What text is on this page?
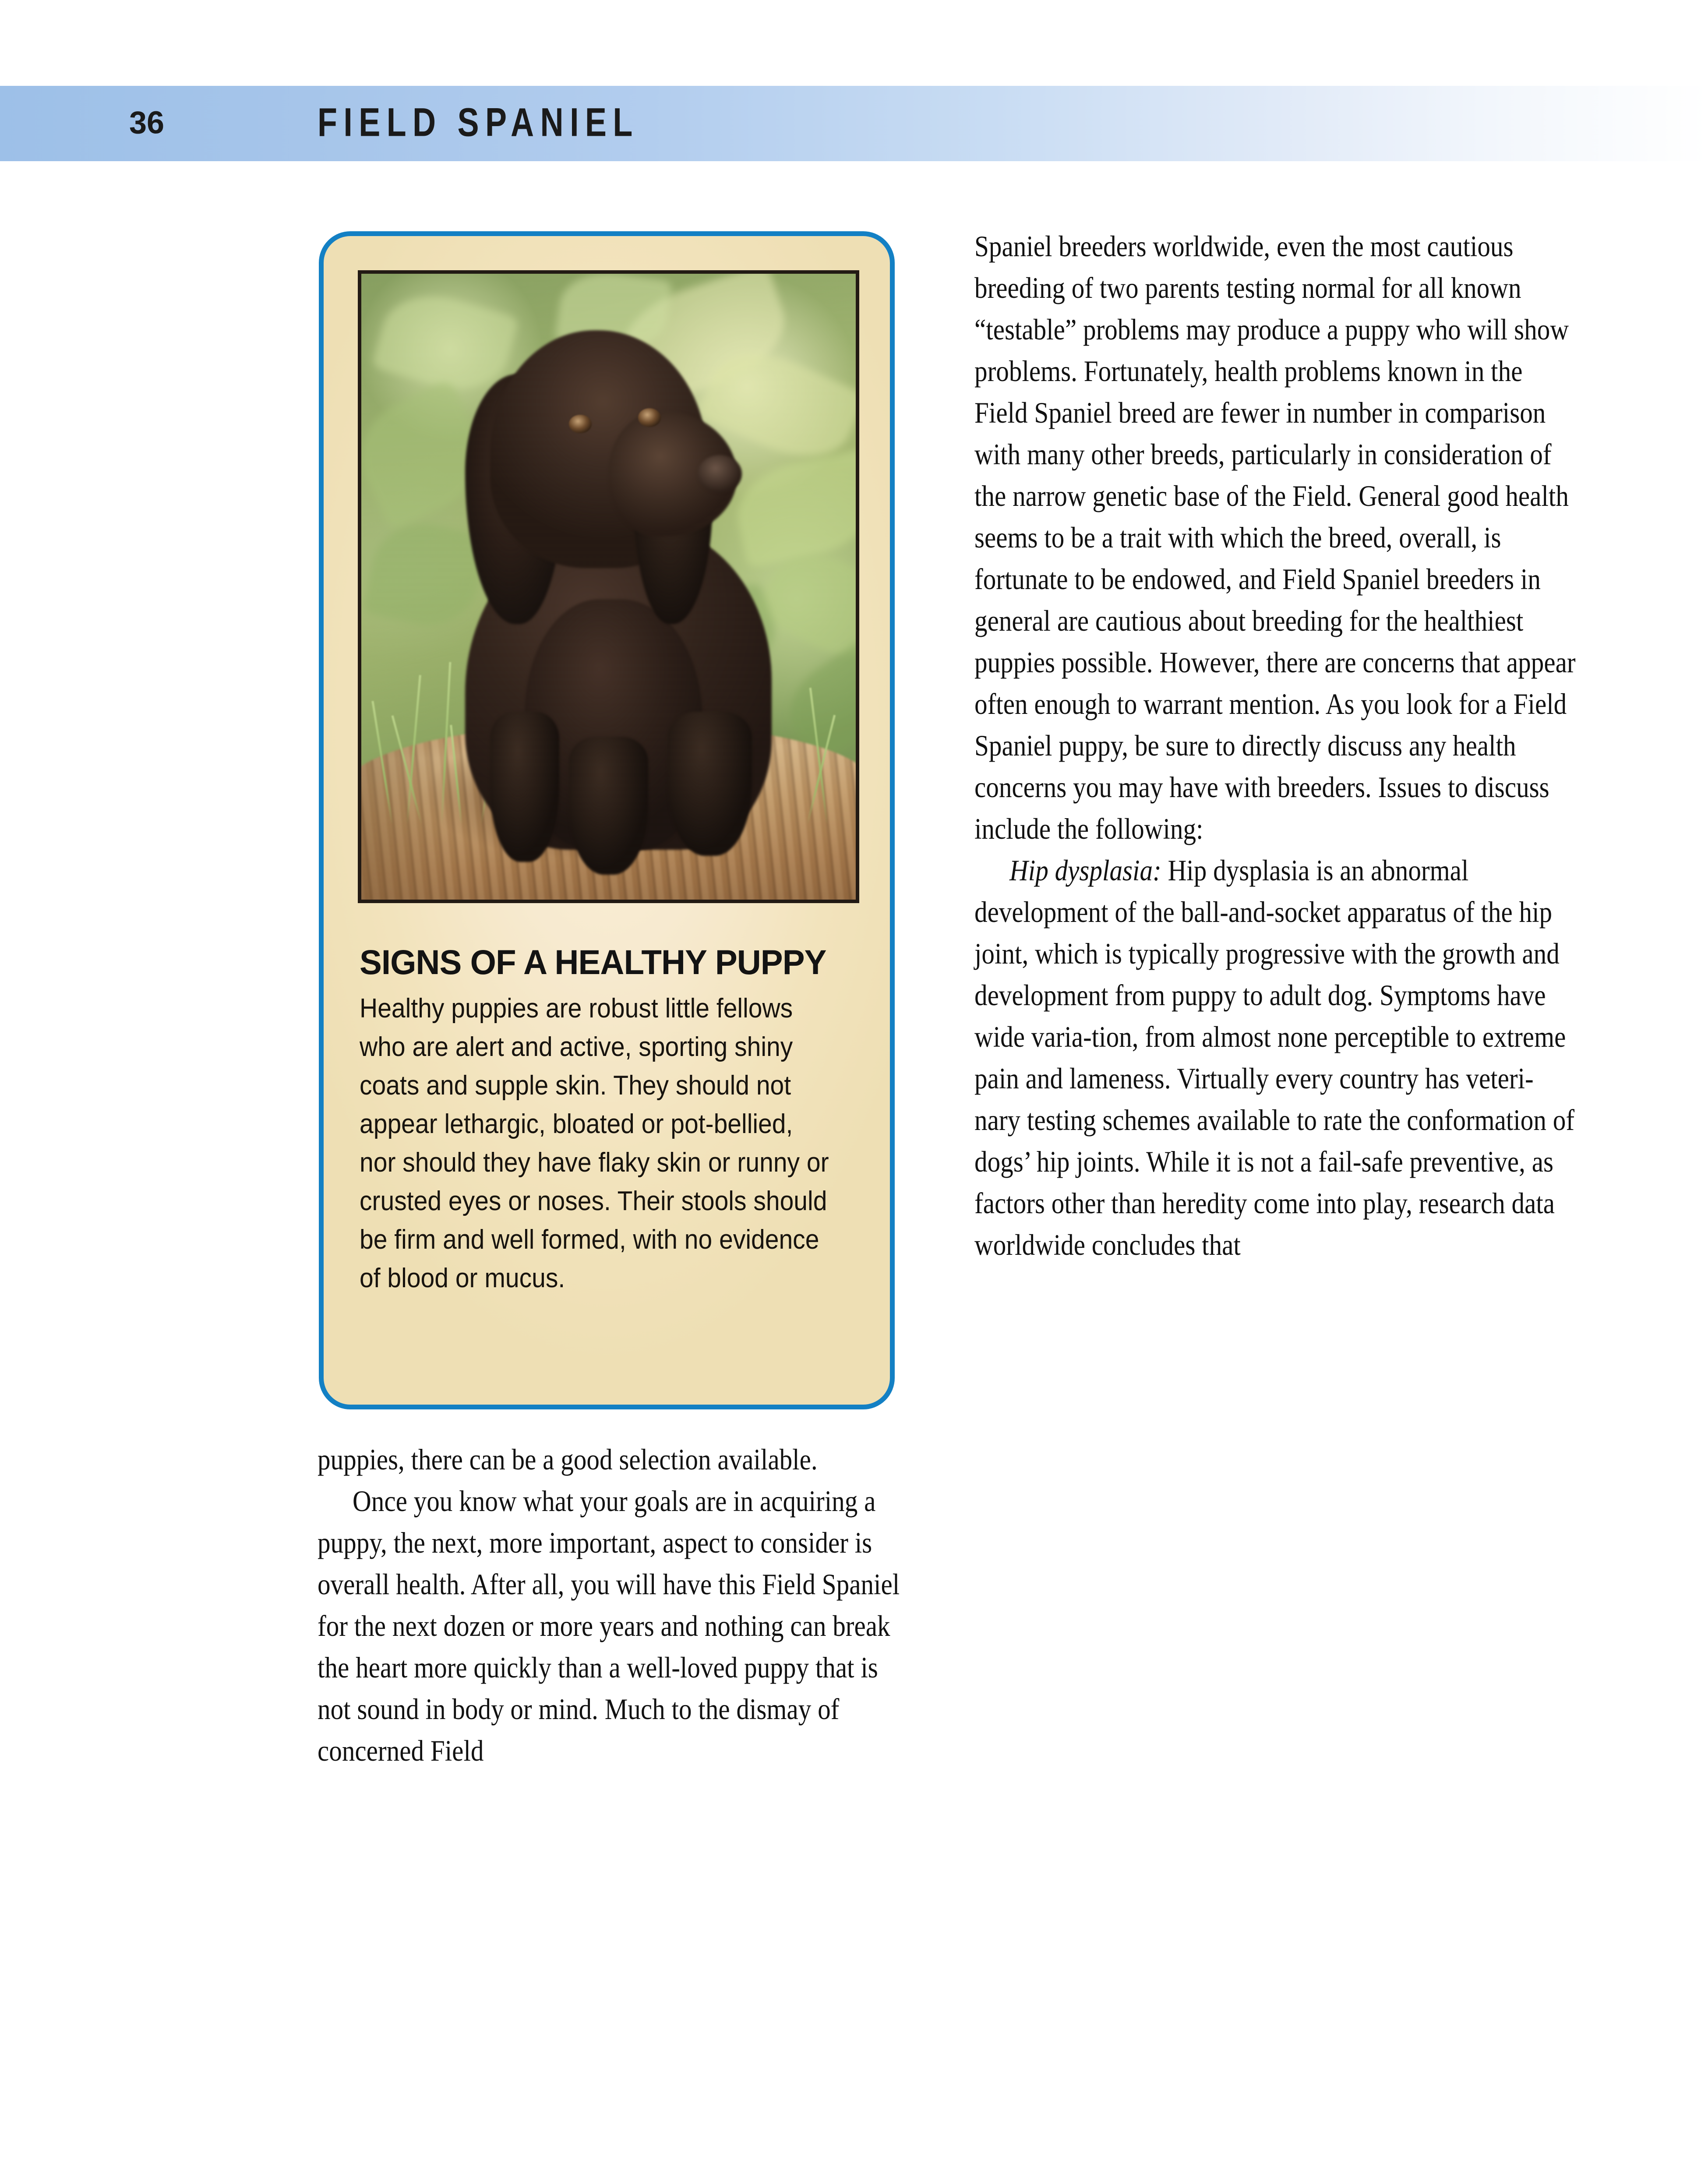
36	FIELD SPANIEL
SIGNS OF A HEALTHY PUPPY
Healthy puppies are robust little fellows who are alert and active, sporting shiny coats and supple skin. They should not appear lethargic, bloated or pot-bellied, nor should they have flaky skin or runny or crusted eyes or noses. Their stools should be firm and well formed, with no evidence of blood or mucus.

Spaniel breeders worldwide, even the most cautious breeding of two parents testing normal for all known “testable” problems may produce a puppy who will show problems. Fortunately, health problems known in the Field Spaniel breed are fewer in number in comparison with many other breeds, particularly in consideration of the narrow genetic base of the Field. General good health seems to be a trait with which the breed, overall, is fortunate to be endowed, and Field Spaniel breeders in general are cautious about breeding for the healthiest puppies possible. However, there are concerns that appear often enough to warrant mention. As you look for a Field Spaniel puppy, be sure to directly discuss any health concerns you may have with breeders. Issues to discuss include the following:

Hip dysplasia: Hip dysplasia is an abnormal development of the ball-and-socket apparatus of the hip joint, which is typically progressive with the growth and development from puppy to adult dog. Symptoms have wide varia-tion, from almost none perceptible to extreme pain and lameness. Virtually every country has veteri-nary testing schemes available to rate the conformation of dogs’ hip joints. While it is not a fail-safe preventive, as factors other than heredity come into play, research data worldwide concludes that

puppies, there can be a good selection available.

Once you know what your goals are in acquiring a puppy, the next, more important, aspect to consider is overall health. After all, you will have this Field Spaniel for the next dozen or more years and nothing can break the heart more quickly than a well-loved puppy that is not sound in body or mind. Much to the dismay of concerned Field
